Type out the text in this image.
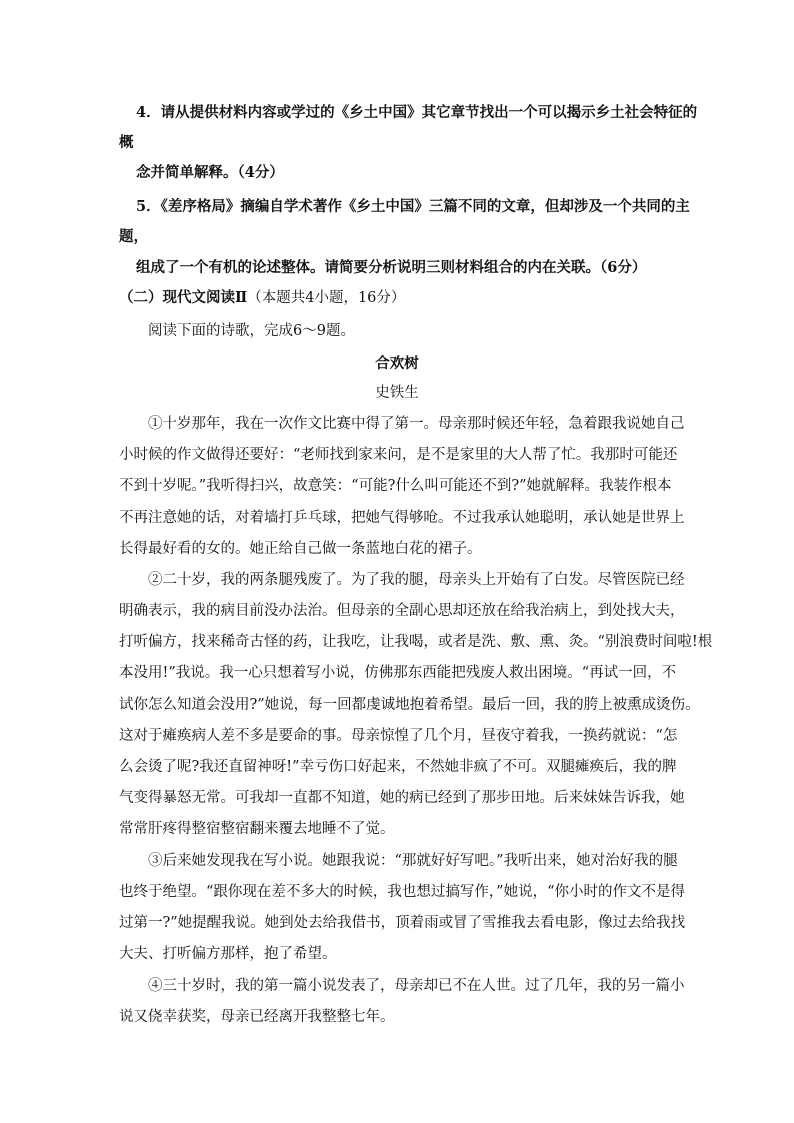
4．请从提供材料内容或学过的《乡土中国》其它章节找出一个可以揭示乡土社会特征的
概
念并简单解释。（4分）
5．《差序格局》摘编自学术著作《乡土中国》三篇不同的文章，但却涉及一个共同的主
题，
组成了一个有机的论述整体。请简要分析说明三则材料组合的内在关联。（6分）
（二）现代文阅读Ⅱ（本题共4小题，16分）
阅读下面的诗歌，完成6～9题。
合欢树
史铁生
①十岁那年，我在一次作文比赛中得了第一。母亲那时候还年轻，急着跟我说她自己
小时候的作文做得还要好：“老师找到家来问，是不是家里的大人帮了忙。我那时可能还
不到十岁呢。”我听得扫兴，故意笑：“可能?什么叫可能还不到?”她就解释。我装作根本
不再注意她的话，对着墙打乒乓球，把她气得够呛。不过我承认她聪明，承认她是世界上
长得最好看的女的。她正给自己做一条蓝地白花的裙子。
②二十岁，我的两条腿残废了。为了我的腿，母亲头上开始有了白发。尽管医院已经
明确表示，我的病目前没办法治。但母亲的全副心思却还放在给我治病上，到处找大夫，
打听偏方，找来稀奇古怪的药，让我吃，让我喝，或者是洗、敷、熏、灸。“别浪费时间啦!根
本没用!”我说。我一心只想着写小说，仿佛那东西能把残废人救出困境。“再试一回，不
试你怎么知道会没用?”她说，每一回都虔诚地抱着希望。最后一回，我的胯上被熏成烫伤。
这对于瘫痪病人差不多是要命的事。母亲惊惶了几个月，昼夜守着我，一换药就说：“怎
么会烫了呢?我还直留神呀!”幸亏伤口好起来，不然她非疯了不可。双腿瘫痪后，我的脾
气变得暴怒无常。可我却一直都不知道，她的病已经到了那步田地。后来妹妹告诉我，她
常常肝疼得整宿整宿翻来覆去地睡不了觉。
③后来她发现我在写小说。她跟我说：“那就好好写吧。”我听出来，她对治好我的腿
也终于绝望。“跟你现在差不多大的时候，我也想过搞写作，”她说，“你小时的作文不是得
过第一?”她提醒我说。她到处去给我借书，顶着雨或冒了雪推我去看电影，像过去给我找
大夫、打听偏方那样，抱了希望。
④三十岁时，我的第一篇小说发表了，母亲却已不在人世。过了几年，我的另一篇小
说又侥幸获奖，母亲已经离开我整整七年。
